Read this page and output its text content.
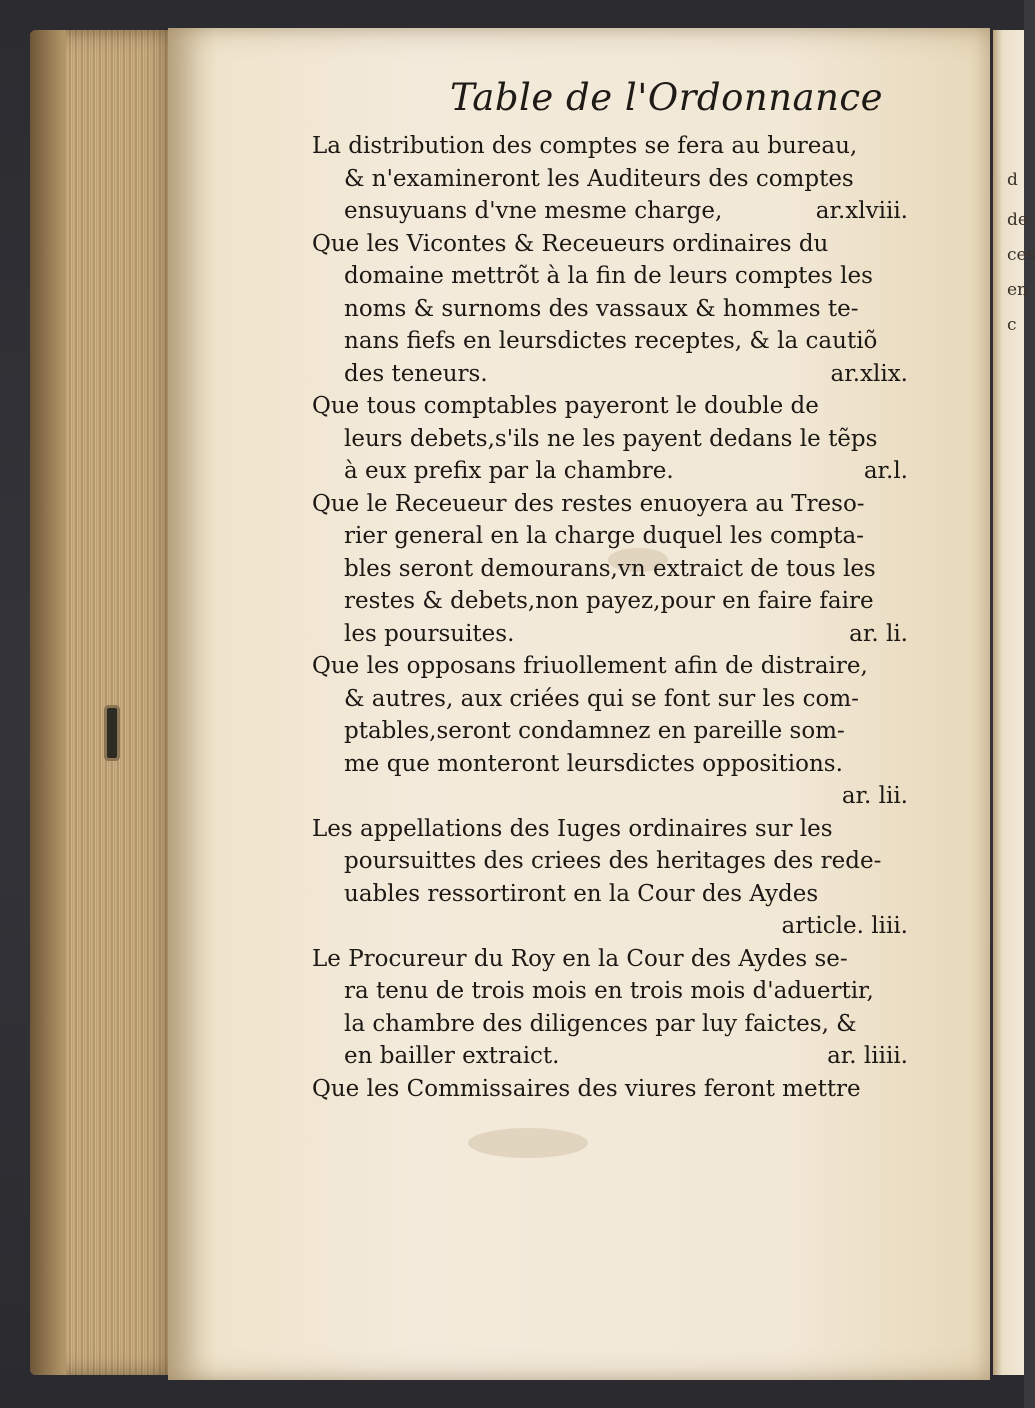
d
de
ces
en
c
Table de l'Ordonnance
La distribution des comptes se fera au bureau,
& n'examineront les Auditeurs des comptes
ensuyuans d'vne mesme charge,	ar.xlviii.
Que les Vicontes & Receueurs ordinaires du
domaine mettrõt à la fin de leurs comptes les
noms & surnoms des vassaux & hommes te-
nans fiefs en leursdictes receptes, & la cautiõ
des teneurs.	ar.xlix.
Que tous comptables payeront le double de
leurs debets,s'ils ne les payent dedans le tẽps
à eux prefix par la chambre.	ar.l.
Que le Receueur des restes enuoyera au Treso-
rier general en la charge duquel les compta-
bles seront demourans,vn extraict de tous les
restes & debets,non payez,pour en faire faire
les poursuites.	ar. li.
Que les opposans friuollement afin de distraire,
& autres, aux criées qui se font sur les com-
ptables,seront condamnez en pareille som-
me que monteront leursdictes oppositions.
ar. lii.
Les appellations des Iuges ordinaires sur les
poursuittes des criees des heritages des rede-
uables ressortiront en la Cour des Aydes
article. liii.
Le Procureur du Roy en la Cour des Aydes se-
ra tenu de trois mois en trois mois d'aduertir,
la chambre des diligences par luy faictes, &
en bailler extraict.	ar. liiii.
Que les Commissaires des viures feront mettre
